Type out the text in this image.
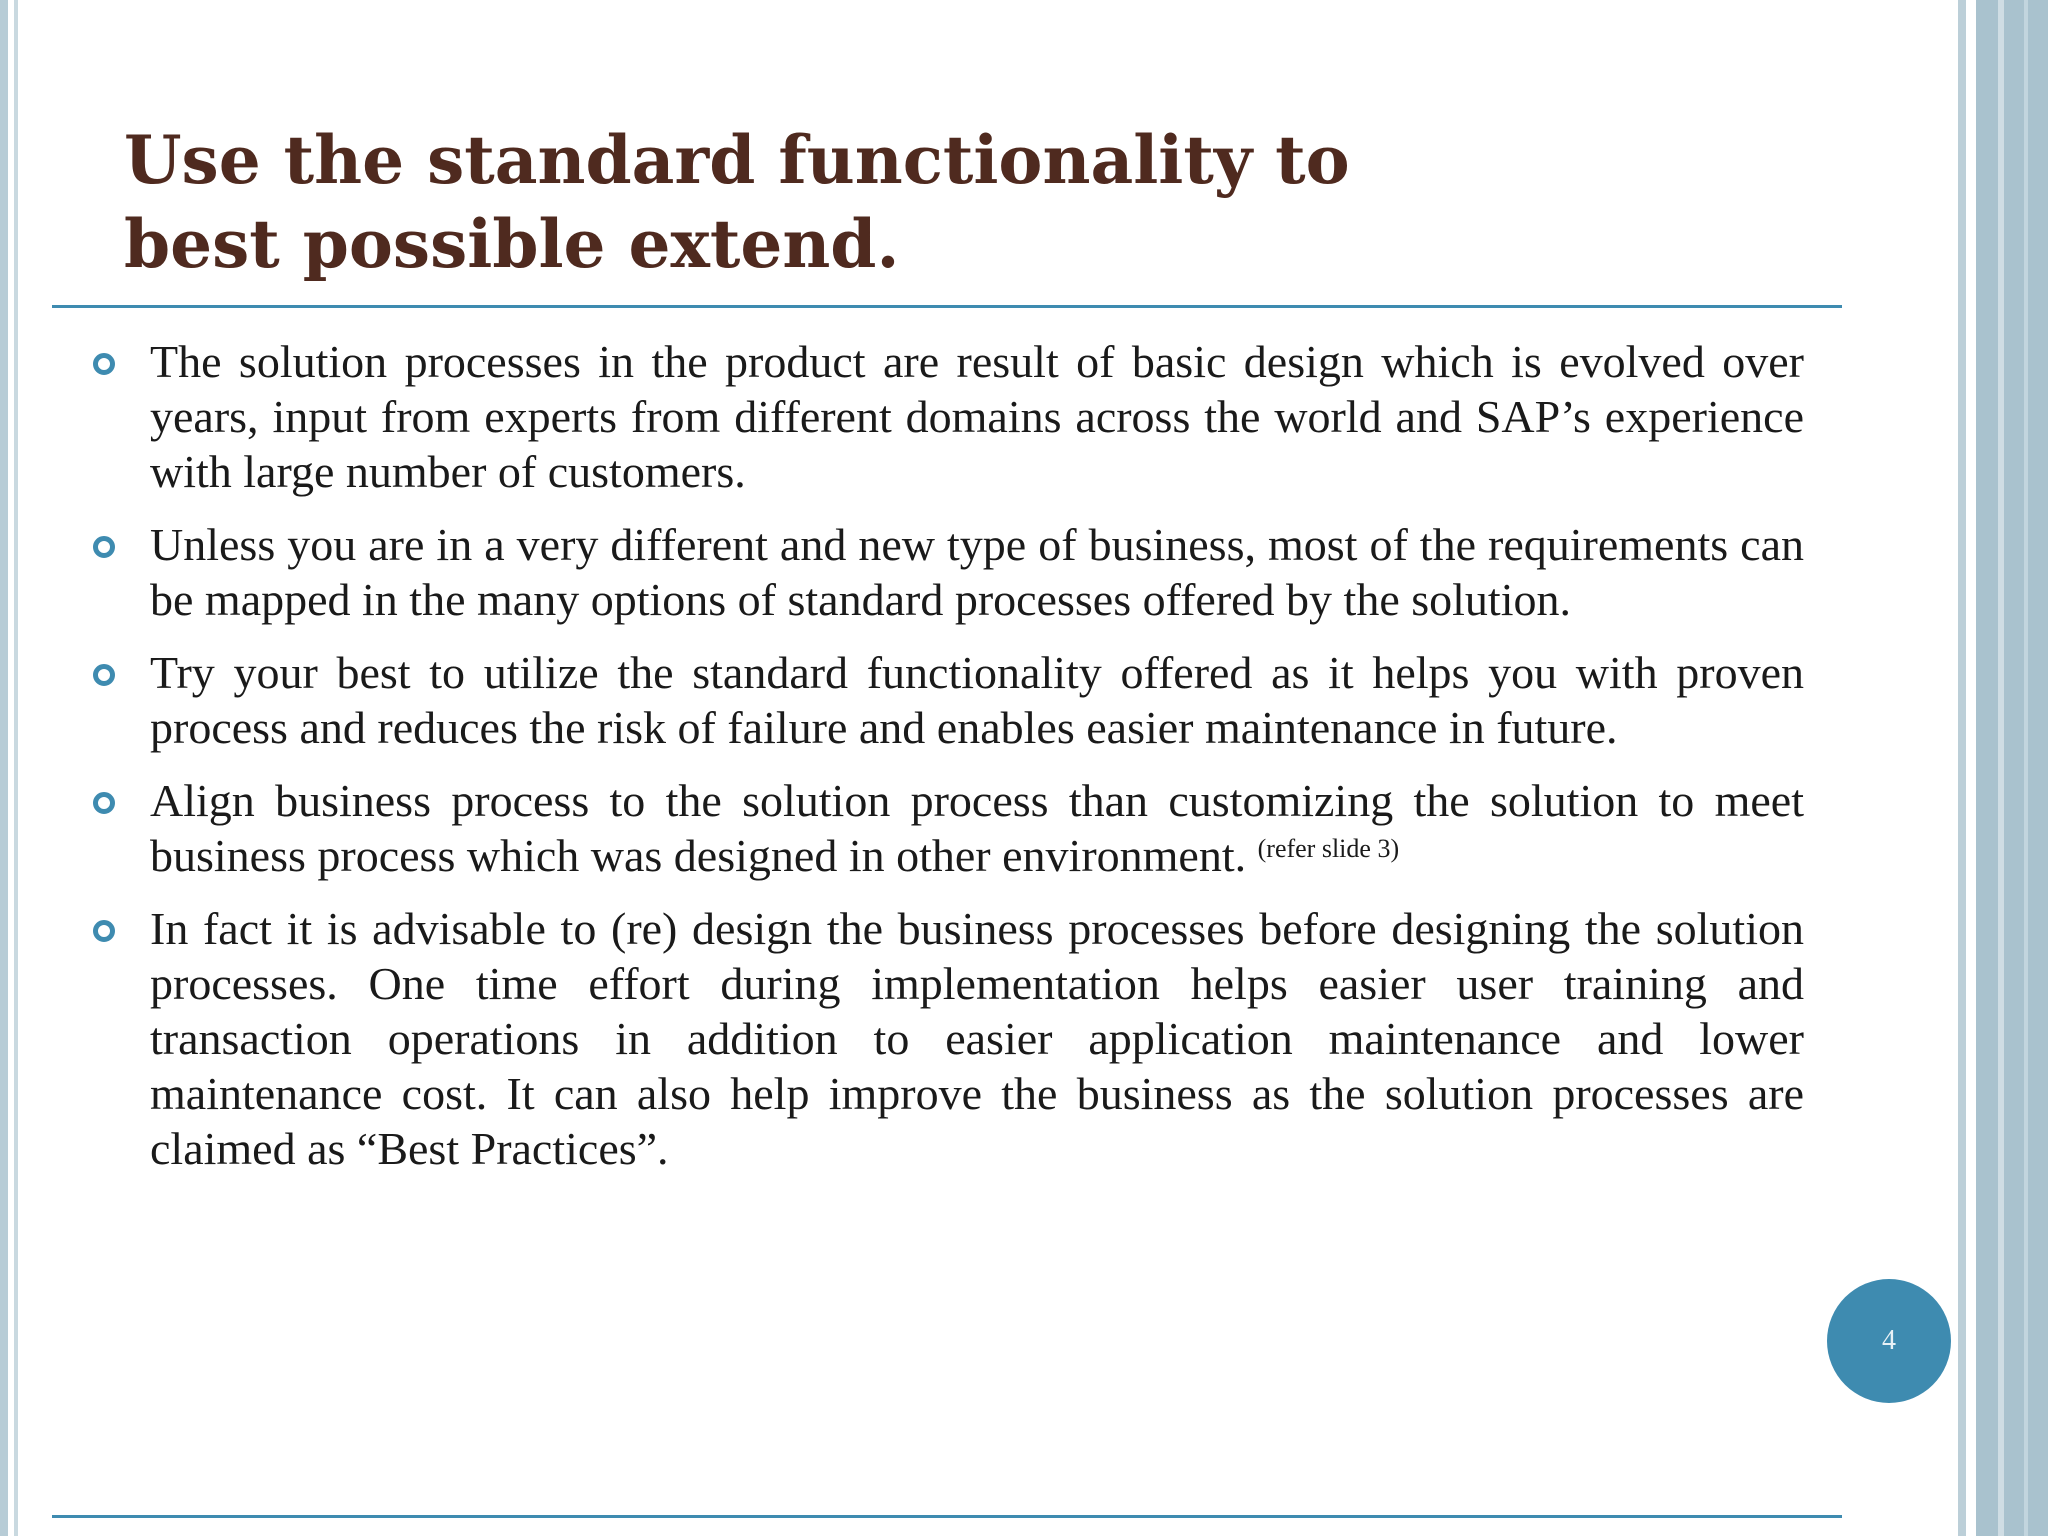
Use the standard functionality to best possible extend.
The solution processes in the product are result of basic design which is evolved over years, input from experts from different domains across the world and SAP’s experience with large number of customers.
Unless you are in a very different and new type of business, most of the requirements can be mapped in the many options of standard processes offered by the solution.
Try your best to utilize the standard functionality offered as it helps you with proven process and reduces the risk of failure and enables easier maintenance in future.
Align business process to the solution process than customizing the solution to meet business process which was designed in other environment. $^{(refer slide 3)}$
In fact it is advisable to (re) design the business processes before designing the solution processes. One time effort during implementation helps easier user training and transaction operations in addition to easier application maintenance and lower maintenance cost. It can also help improve the business as the solution processes are claimed as “Best Practices”.
4
